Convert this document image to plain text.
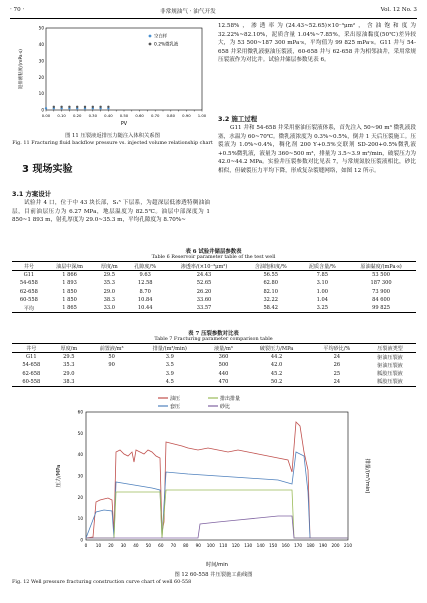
· 70 ·	非常规油气 · 油气开发	Vol. 12 No. 3
0
10
20
30
40
50
0.00 0.10 0.20 0.30 0.40 0.50 0.60 0.70 0.80 0.90 1.00
PV
返排液粘度/(mPa·s)
空白样
0.2%微乳液
图 11 压裂液返排压力随注入体积关系图
Fig. 11 Fracturing fluid backflow pressure vs. injected volume relationship chart
3 现场实验
3.1 方案设计
试验井 4 口，位于中 43 块长部，S₁⁵ 下层系，为超深层低渗透特稠油油层，目前油层压力为 6.27 MPa，地层温度为 82.5℃。油层中部深度为 1 850~1 893 m，射孔厚度为 29.0~35.3 m，平均孔隙度为 8.70%~
12.58%，渗透率为(24.43~52.65)×10⁻³μm²，含油饱和度为 32.22%~82.10%，泥质含量 1.04%~7.85%，采出原油黏度(50℃)差异较大，为 53 500~187 300 mPa·s，平均值为 99 825 mPa·s。G11 井与 54-658 井采用微乳液驱油压裂液，60-658 井与 62-658 井为相邻油井，采用常规压裂液作为对比井。试验井储层参数见表 6。
3.2 施工过程
G11 井和 54-658 井采用驱油压裂液体系，首先注入 50~90 m³ 微乳液段塞，水温为 60~70℃。微乳液浓度为 0.3%~0.5%，倒井 1 天后压裂施工。压裂液为 1.0%~0.4%，稠化剂 200 Y+0.5%交联剂 SD-200+0.5%微乳液+0.5%微乳液，液量为 360~500 m³，排量为 3.5~3.9 m³/min，破裂压力为 42.0~44.2 MPa。实验井压裂参数对比见表 7，与常规氮胶压裂液相比，砂比相似，但破裂压力平均下降，形成复杂裂缝网络，如图 12 所示。
表 6 试验井储层参数表
Table 6 Reservoir parameter table of the test well
井号	油层中深/m	厚度/m	孔隙度/%	渗透率/(×10⁻³μm²)	含油饱和度/%	泥质含量/%	原油黏度/(mPa·s)
G11	1 866	29.5	9.63	24.43	56.55	7.85	53 500
54-658	1 893	35.3	12.58	52.65	62.80	3.10	187 300
62-658	1 850	29.0	8.70	26.20	82.10	1.00	73 900
60-558	1 850	38.3	10.84	33.60	32.22	1.04	84 600
平均	1 865	33.0	10.44	33.57	58.42	3.25	99 825
表 7 压裂参数对比表
Table 7 Fracturing parameter comparison table
井号	厚度/m	前置液/m³	排量/(m³/min)	液量/m³	破裂压力/MPa	平均砂比/%	压裂液类型
G11	29.5	50	3.9	360	44.2	24	驱油压裂液
54-658	35.3	90	3.5	500	42.0	26	驱油压裂液
62-658	29.0		3.9	440	45.2	25	胍胶压裂液
60-558	38.3		4.5	470	50.2	24	胍胶压裂液
油压	排出排量
套压	砂比
0 10 20 30 40 50 60 70 80 90 100 110 120 130 140 150 160 170 180 190 200 210
0
10
20
30
40
50
60
时间/min
压力/MPa	排量/(m³/min)
图 12 60-558 井压裂施工曲线图
Fig. 12 Well pressure fracturing construction curve chart of well 60-558
